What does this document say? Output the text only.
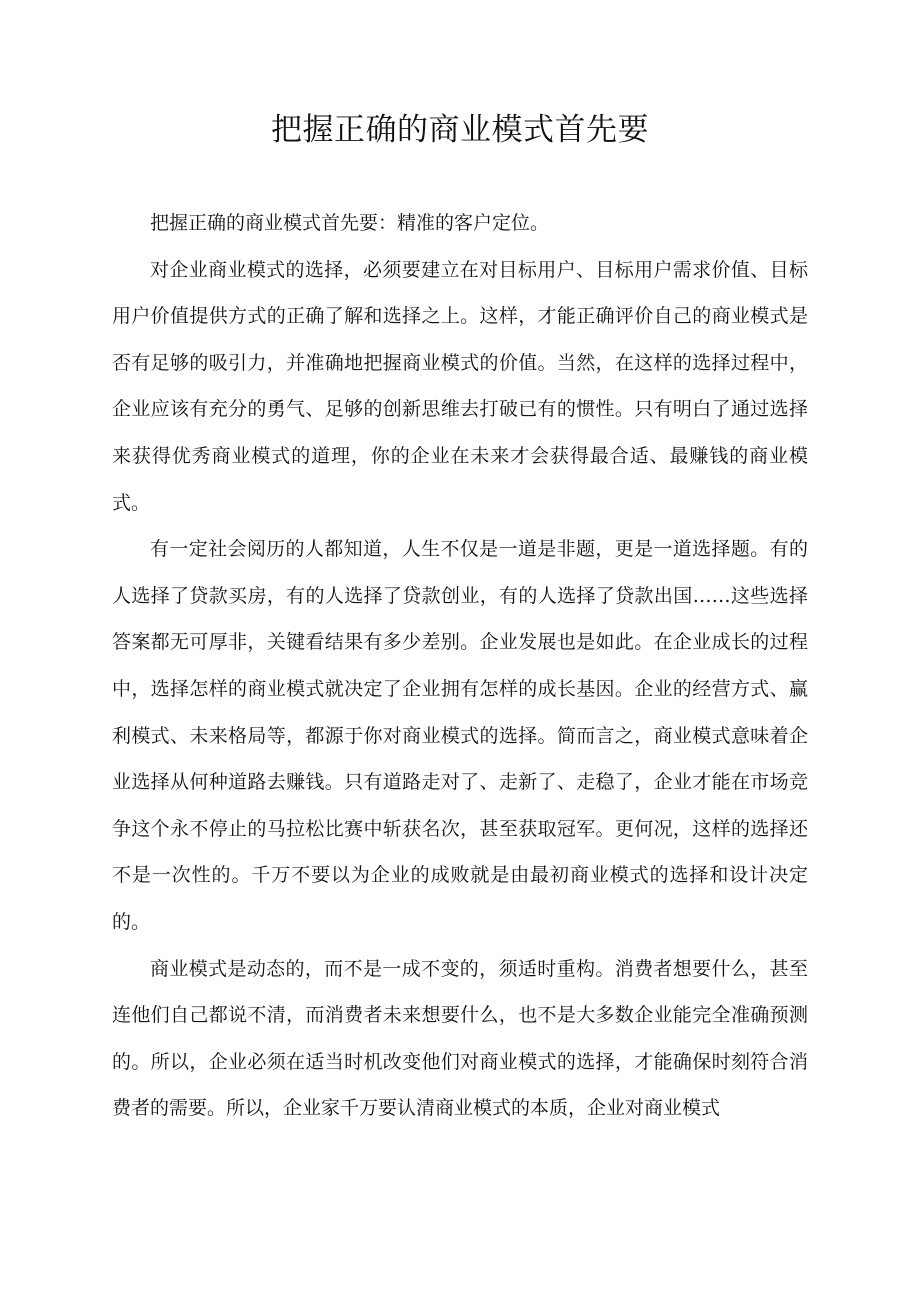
把握正确的商业模式首先要

把握正确的商业模式首先要：精准的客户定位。

对企业商业模式的选择，必须要建立在对目标用户、目标用户需求价值、目标用户价值提供方式的正确了解和选择之上。这样，才能正确评价自己的商业模式是否有足够的吸引力，并准确地把握商业模式的价值。当然，在这样的选择过程中，企业应该有充分的勇气、足够的创新思维去打破已有的惯性。只有明白了通过选择来获得优秀商业模式的道理，你的企业在未来才会获得最合适、最赚钱的商业模式。

有一定社会阅历的人都知道，人生不仅是一道是非题，更是一道选择题。有的人选择了贷款买房，有的人选择了贷款创业，有的人选择了贷款出国……这些选择答案都无可厚非，关键看结果有多少差别。企业发展也是如此。在企业成长的过程中，选择怎样的商业模式就决定了企业拥有怎样的成长基因。企业的经营方式、赢利模式、未来格局等，都源于你对商业模式的选择。简而言之，商业模式意味着企业选择从何种道路去赚钱。只有道路走对了、走新了、走稳了，企业才能在市场竞争这个永不停止的马拉松比赛中斩获名次，甚至获取冠军。更何况，这样的选择还不是一次性的。千万不要以为企业的成败就是由最初商业模式的选择和设计决定的。

商业模式是动态的，而不是一成不变的，须适时重构。消费者想要什么，甚至连他们自己都说不清，而消费者未来想要什么，也不是大多数企业能完全准确预测的。所以，企业必须在适当时机改变他们对商业模式的选择，才能确保时刻符合消费者的需要。所以，企业家千万要认清商业模式的本质，企业对商业模式
